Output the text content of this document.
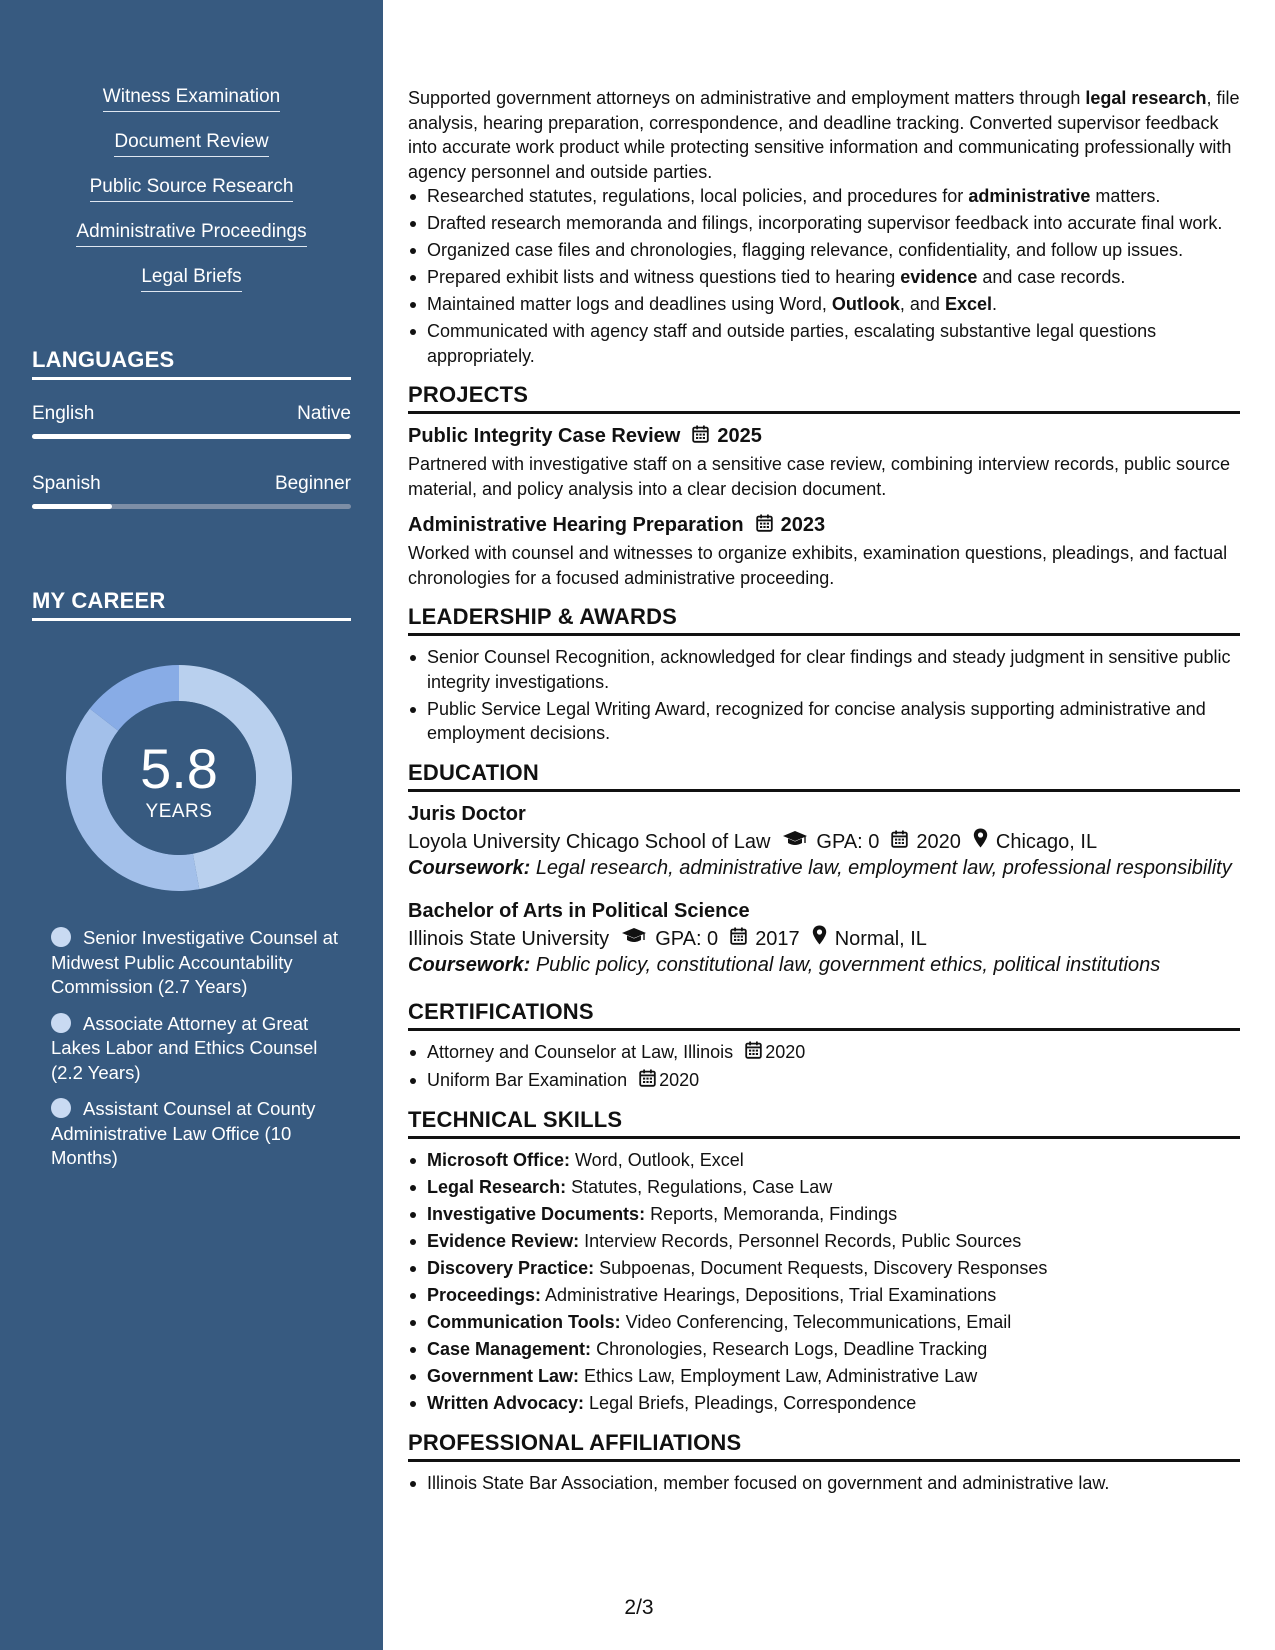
Witness Examination
Document Review
Public Source Research
Administrative Proceedings
Legal Briefs
LANGUAGES
English	Native
Spanish	Beginner
MY CAREER
5.8
YEARS
Senior Investigative Counsel at Midwest Public Accountability Commission (2.7 Years)
Associate Attorney at Great Lakes Labor and Ethics Counsel (2.2 Years)
Assistant Counsel at County Administrative Law Office (10 Months)

Supported government attorneys on administrative and employment matters through legal research, file analysis, hearing preparation, correspondence, and deadline tracking. Converted supervisor feedback into accurate work product while protecting sensitive information and communicating professionally with agency personnel and outside parties.

Researched statutes, regulations, local policies, and procedures for administrative matters.
Drafted research memoranda and filings, incorporating supervisor feedback into accurate final work.
Organized case files and chronologies, flagging relevance, confidentiality, and follow up issues.
Prepared exhibit lists and witness questions tied to hearing evidence and case records.
Maintained matter logs and deadlines using Word, Outlook, and Excel.
Communicated with agency staff and outside parties, escalating substantive legal questions appropriately.
PROJECTS
Public Integrity Case Review 2025

Partnered with investigative staff on a sensitive case review, combining interview records, public source material, and policy analysis into a clear decision document.

Administrative Hearing Preparation 2023

Worked with counsel and witnesses to organize exhibits, examination questions, pleadings, and factual chronologies for a focused administrative proceeding.

LEADERSHIP & AWARDS
Senior Counsel Recognition, acknowledged for clear findings and steady judgment in sensitive public integrity investigations.
Public Service Legal Writing Award, recognized for concise analysis supporting administrative and employment decisions.
EDUCATION
Juris Doctor
Loyola University Chicago School of Law GPA: 0 2020 Chicago, IL
Coursework: Legal research, administrative law, employment law, professional responsibility
Bachelor of Arts in Political Science
Illinois State University GPA: 0 2017 Normal, IL
Coursework: Public policy, constitutional law, government ethics, political institutions
CERTIFICATIONS
Attorney and Counselor at Law, Illinois 2020
Uniform Bar Examination 2020
TECHNICAL SKILLS
Microsoft Office: Word, Outlook, Excel
Legal Research: Statutes, Regulations, Case Law
Investigative Documents: Reports, Memoranda, Findings
Evidence Review: Interview Records, Personnel Records, Public Sources
Discovery Practice: Subpoenas, Document Requests, Discovery Responses
Proceedings: Administrative Hearings, Depositions, Trial Examinations
Communication Tools: Video Conferencing, Telecommunications, Email
Case Management: Chronologies, Research Logs, Deadline Tracking
Government Law: Ethics Law, Employment Law, Administrative Law
Written Advocacy: Legal Briefs, Pleadings, Correspondence
PROFESSIONAL AFFILIATIONS
Illinois State Bar Association, member focused on government and administrative law.
2/3
